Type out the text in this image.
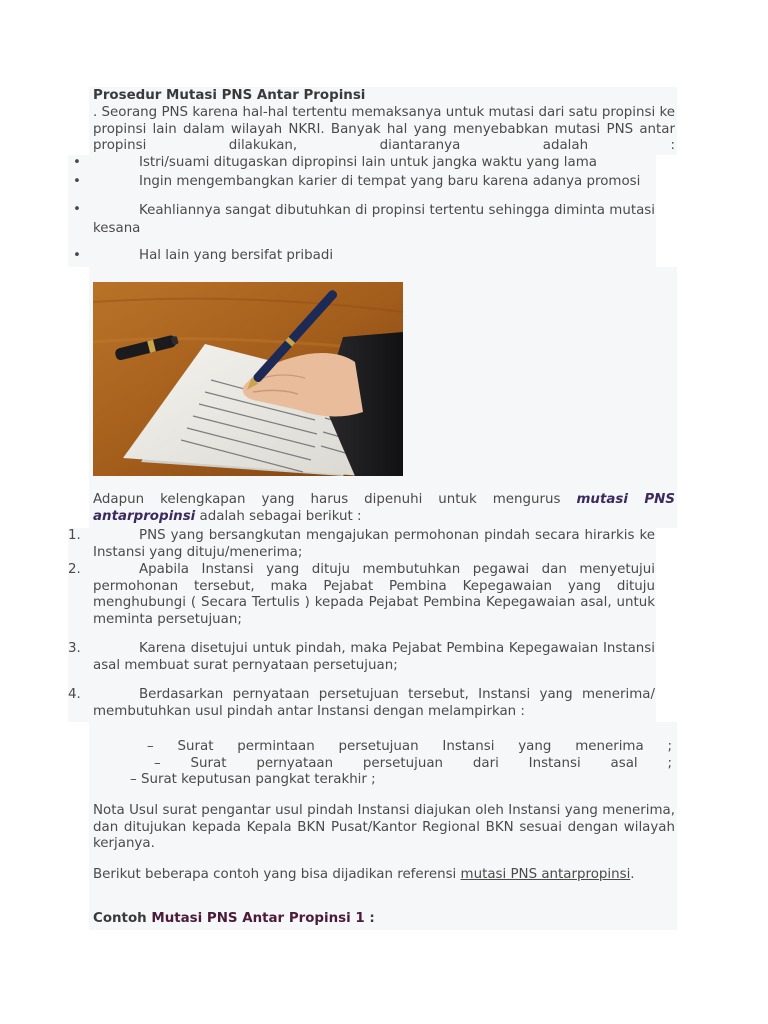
Prosedur Mutasi PNS Antar Propinsi
. Seorang PNS karena hal-hal tertentu memaksanya untuk mutasi dari satu propinsi ke propinsi lain dalam wilayah NKRI. Banyak hal yang menyebabkan mutasi PNS antar propinsi dilakukan, diantaranya adalah :
•	Istri/suami ditugaskan dipropinsi lain untuk jangka waktu yang lama
•	Ingin mengembangkan karier di tempat yang baru karena adanya promosi
•	Keahliannya sangat dibutuhkan di propinsi tertentu sehingga diminta mutasi kesana
•	Hal lain yang bersifat pribadi
Adapun kelengkapan yang harus dipenuhi untuk mengurus mutasi PNS antarpropinsi adalah sebagai berikut :
1.	PNS yang bersangkutan mengajukan permohonan pindah secara hirarkis ke Instansi yang dituju/menerima;
2.	Apabila Instansi yang dituju membutuhkan pegawai dan menyetujui permohonan tersebut, maka Pejabat Pembina Kepegawaian yang dituju menghubungi ( Secara Tertulis ) kepada Pejabat Pembina Kepegawaian asal, untuk meminta persetujuan;
3.	Karena disetujui untuk pindah, maka Pejabat Pembina Kepegawaian Instansi asal membuat surat pernyataan persetujuan;
4.	Berdasarkan pernyataan persetujuan tersebut, Instansi yang menerima/ membutuhkan usul pindah antar Instansi dengan melampirkan :
– Surat permintaan persetujuan Instansi yang menerima ;
– Surat pernyataan persetujuan dari Instansi asal ;
– Surat keputusan pangkat terakhir ;
Nota Usul surat pengantar usul pindah Instansi diajukan oleh Instansi yang menerima, dan ditujukan kepada Kepala BKN Pusat/Kantor Regional BKN sesuai dengan wilayah kerjanya.
Berikut beberapa contoh yang bisa dijadikan referensi mutasi PNS antarpropinsi.
Contoh Mutasi PNS Antar Propinsi 1 :
